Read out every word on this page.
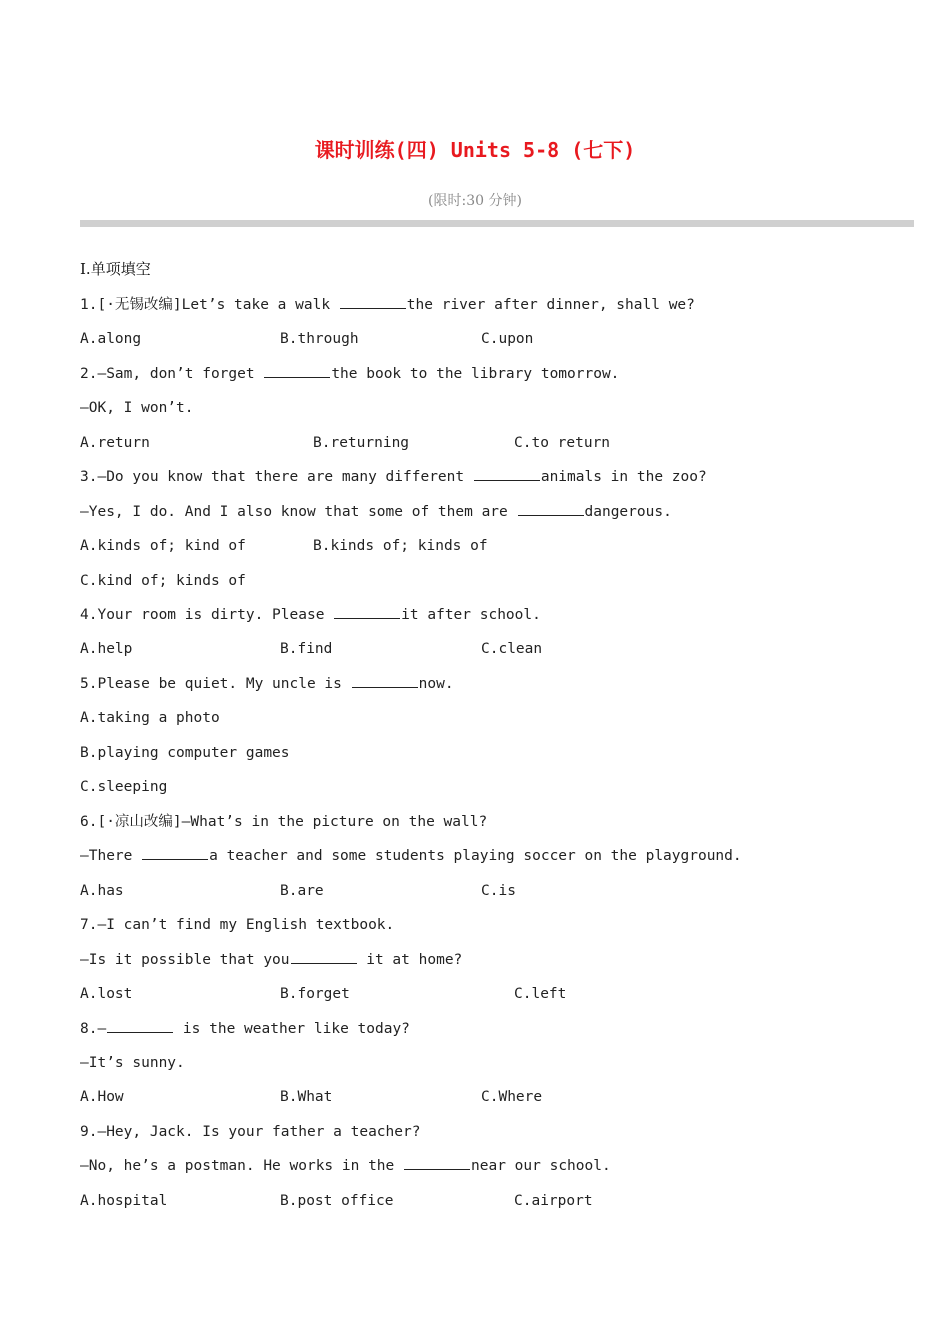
课时训练(四) Units 5-8 (七下)
(限时:30 分钟)
Ⅰ.单项填空
1.[·无锡改编]Let’s take a walk	the river after dinner, shall we?
A.along	B.through	C.upon
2.—Sam, don’t forget	the book to the library tomorrow.
—OK, I won’t.
A.return	B.returning	C.to return
3.—Do you know that there are many different	animals in the zoo?
—Yes, I do. And I also know that some of them are	dangerous.
A.kinds of; kind of	B.kinds of; kinds of
C.kind of; kinds of
4.Your room is dirty. Please	it after school.
A.help	B.find	C.clean
5.Please be quiet. My uncle is	now.
A.taking a photo
B.playing computer games
C.sleeping
6.[·凉山改编]—What’s in the picture on the wall?
—There	a teacher and some students playing soccer on the playground.
A.has	B.are	C.is
7.—I can’t find my English textbook.
—Is it possible that you	it at home?
A.lost	B.forget	C.left
8.—	is the weather like today?
—It’s sunny.
A.How	B.What	C.Where
9.—Hey, Jack. Is your father a teacher?
—No, he’s a postman. He works in the	near our school.
A.hospital	B.post office	C.airport
